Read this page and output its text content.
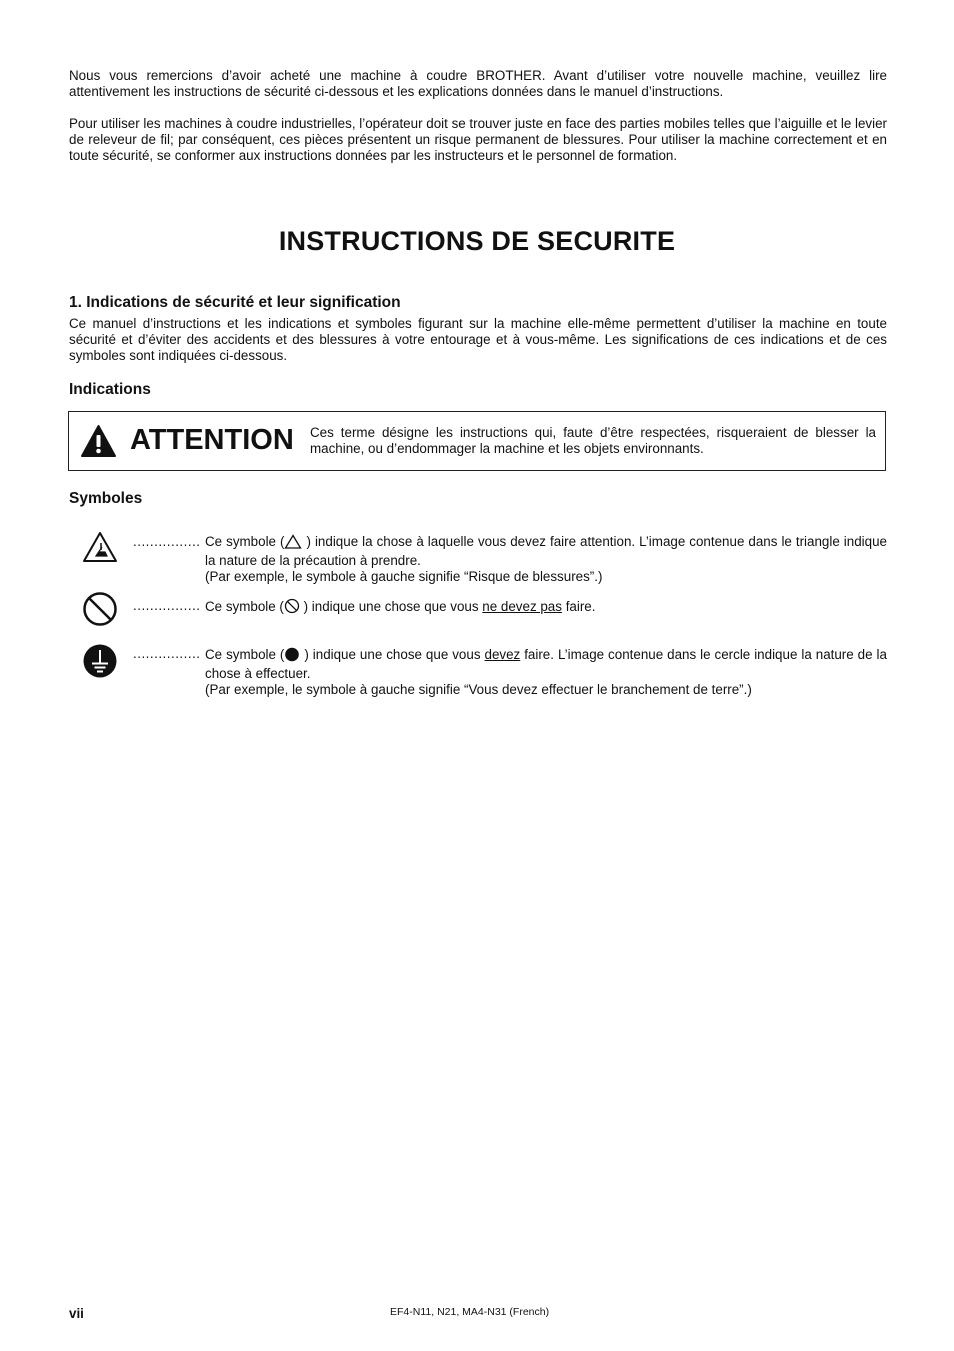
Nous vous remercions d’avoir acheté une machine à coudre BROTHER. Avant d’utiliser votre nouvelle machine, veuillez lire attentivement les instructions de sécurité ci-dessous et les explications données dans le manuel d’instructions.

Pour utiliser les machines à coudre industrielles, l’opérateur doit se trouver juste en face des parties mobiles telles que l’aiguille et le levier de releveur de fil; par conséquent, ces pièces présentent un risque permanent de blessures. Pour utiliser la machine correctement et en toute sécurité, se conformer aux instructions données par les instructeurs et le personnel de formation.

INSTRUCTIONS DE SECURITE
1. Indications de sécurité et leur signification

Ce manuel d’instructions et les indications et symboles figurant sur la machine elle-même permettent d’utiliser la machine en toute sécurité et d’éviter des accidents et des blessures à votre entourage et à vous-même. Les significations de ces indications et de ces symboles sont indiquées ci-dessous.

Indications
ATTENTION Ces terme désigne les instructions qui, faute d’être respectées, risqueraient de blesser la machine, ou d’endommager la machine et les objets environnants.
Symboles
................ Ce symbole ( ) indique la chose à laquelle vous devez faire attention. L’image contenue dans le triangle indique la nature de la précaution à prendre.
(Par exemple, le symbole à gauche signifie “Risque de blessures”.)
................ Ce symbole ( ) indique une chose que vous ne devez pas faire.
................ Ce symbole ( ) indique une chose que vous devez faire. L’image contenue dans le cercle indique la nature de la chose à effectuer.
(Par exemple, le symbole à gauche signifie “Vous devez effectuer le branchement de terre”.)
vii	EF4-N11, N21, MA4-N31 (French)
